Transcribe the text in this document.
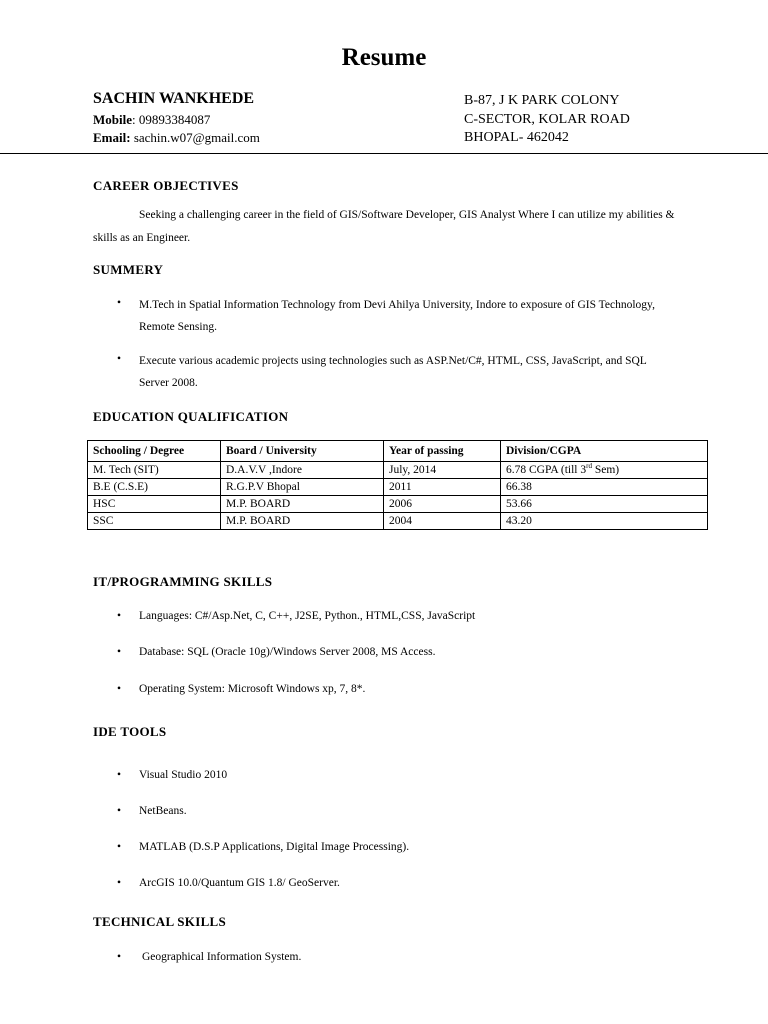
Resume
SACHIN WANKHEDE
Mobile: 09893384087
Email: sachin.w07@gmail.com
B-87, J K PARK COLONY
C-SECTOR, KOLAR ROAD
BHOPAL- 462042
CAREER OBJECTIVES
Seeking a challenging career in the field of GIS/Software Developer, GIS Analyst Where I can utilize my abilities & skills as an Engineer.
SUMMERY
• M.Tech in Spatial Information Technology from Devi Ahilya University, Indore to exposure of GIS Technology, Remote Sensing.
• Execute various academic projects using technologies such as ASP.Net/C#, HTML, CSS, JavaScript, and SQL Server 2008.
EDUCATION QUALIFICATION
Schooling / Degree	Board / University	Year of passing	Division/CGPA
M. Tech (SIT)	D.A.V.V ,Indore	July, 2014	6.78 CGPA (till 3rd Sem)
B.E (C.S.E)	R.G.P.V Bhopal	2011	66.38
HSC	M.P. BOARD	2006	53.66
SSC	M.P. BOARD	2004	43.20
IT/PROGRAMMING SKILLS
• Languages: C#/Asp.Net, C, C++, J2SE, Python., HTML,CSS, JavaScript
• Database: SQL (Oracle 10g)/Windows Server 2008, MS Access.
• Operating System: Microsoft Windows xp, 7, 8*.
IDE TOOLS
• Visual Studio 2010
• NetBeans.
• MATLAB (D.S.P Applications, Digital Image Processing).
• ArcGIS 10.0/Quantum GIS 1.8/ GeoServer.
TECHNICAL SKILLS
• Geographical Information System.
